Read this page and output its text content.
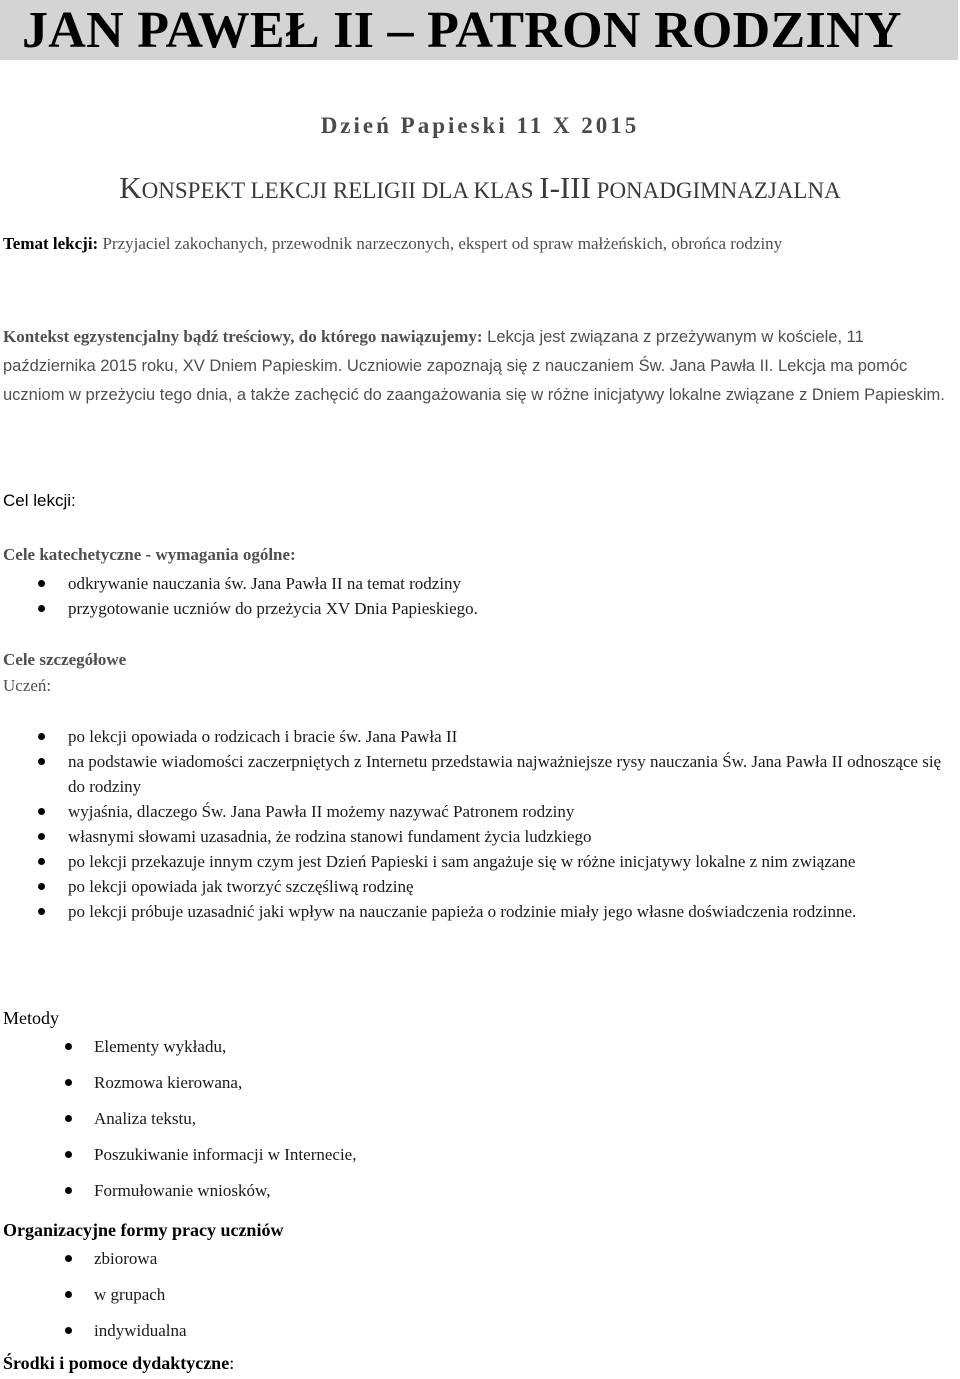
JAN PAWEŁ II – PATRON RODZINY
Dzień Papieski 11 X 2015
KONSPEKT LEKCJI RELIGII DLA KLAS I-III PONADGIMNAZJALNA
Temat lekcji: Przyjaciel zakochanych, przewodnik narzeczonych, ekspert od spraw małżeńskich, obrońca rodziny
Kontekst egzystencjalny bądź treściowy, do którego nawiązujemy: Lekcja jest związana z przeżywanym w kościele, 11 października 2015 roku, XV Dniem Papieskim. Uczniowie zapoznają się z nauczaniem Św. Jana Pawła II. Lekcja ma pomóc uczniom w przeżyciu tego dnia, a także zachęcić do zaangażowania się w różne inicjatywy lokalne związane z Dniem Papieskim.
Cel lekcji:
Cele katechetyczne - wymagania ogólne:
odkrywanie nauczania św. Jana Pawła II na temat rodziny
przygotowanie uczniów do przeżycia XV Dnia Papieskiego.
Cele szczegółowe
Uczeń:
po lekcji opowiada o rodzicach i bracie św. Jana Pawła II
na podstawie wiadomości zaczerpniętych z Internetu przedstawia najważniejsze rysy nauczania Św. Jana Pawła II odnoszące się do rodziny
wyjaśnia, dlaczego Św. Jana Pawła II możemy nazywać Patronem rodziny
własnymi słowami uzasadnia, że rodzina stanowi fundament życia ludzkiego
po lekcji przekazuje innym czym jest Dzień Papieski i sam angażuje się w różne inicjatywy lokalne z nim związane
po lekcji opowiada jak tworzyć szczęśliwą rodzinę
po lekcji próbuje uzasadnić jaki wpływ na nauczanie papieża o rodzinie miały jego własne doświadczenia rodzinne.
Metody
Elementy wykładu,
Rozmowa kierowana,
Analiza tekstu,
Poszukiwanie informacji w Internecie,
Formułowanie wniosków,
Organizacyjne formy pracy uczniów
zbiorowa
w grupach
indywidualna
Środki i pomoce dydaktyczne:
